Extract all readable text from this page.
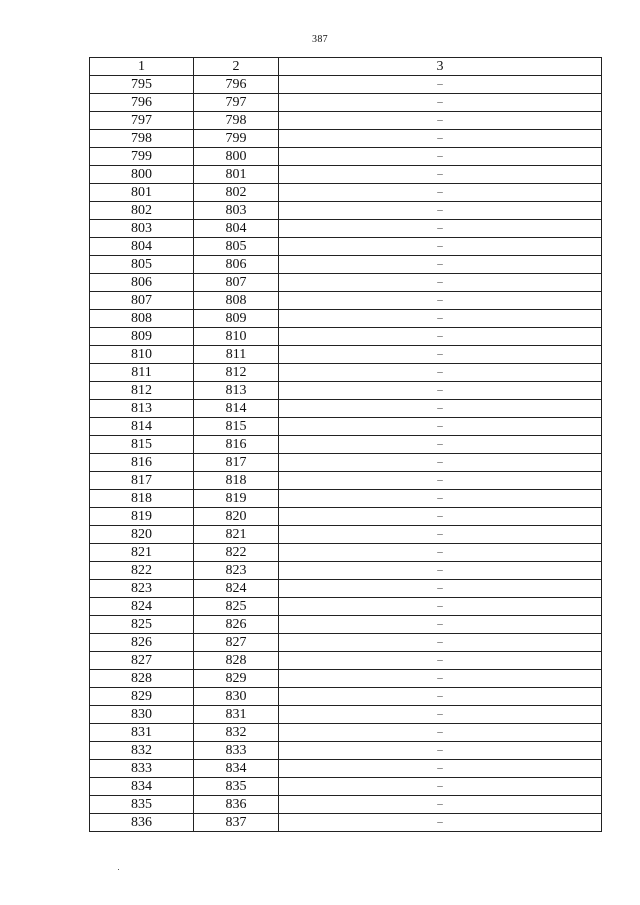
387
1	2	3
795	796	–
796	797	–
797	798	–
798	799	–
799	800	–
800	801	–
801	802	–
802	803	–
803	804	–
804	805	–
805	806	–
806	807	–
807	808	–
808	809	–
809	810	–
810	811	–
811	812	–
812	813	–
813	814	–
814	815	–
815	816	–
816	817	–
817	818	–
818	819	–
819	820	–
820	821	–
821	822	–
822	823	–
823	824	–
824	825	–
825	826	–
826	827	–
827	828	–
828	829	–
829	830	–
830	831	–
831	832	–
832	833	–
833	834	–
834	835	–
835	836	–
836	837	–
